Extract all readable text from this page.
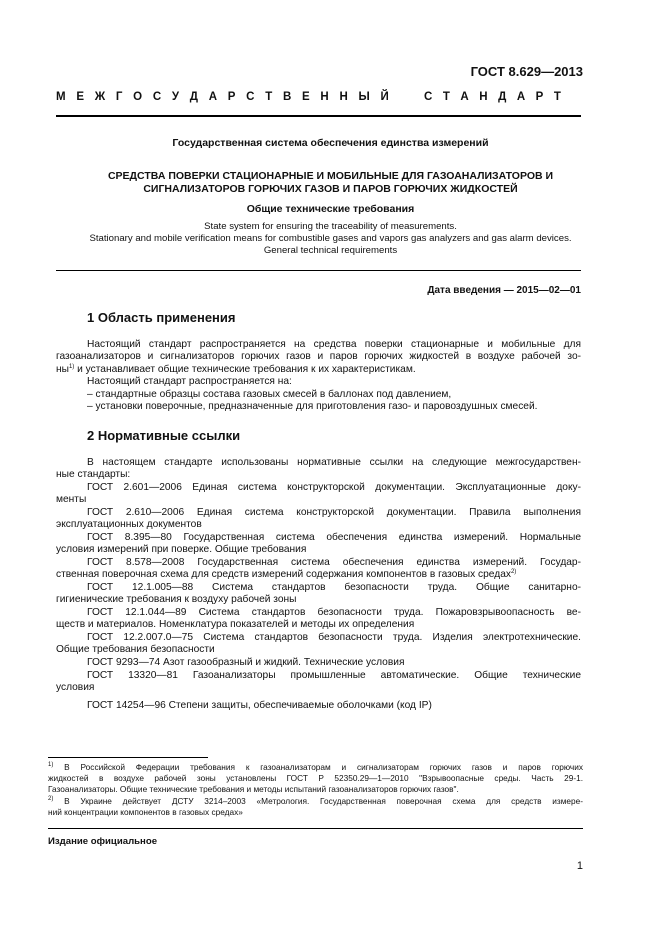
ГОСТ 8.629—2013
М Е Ж Г О С У Д А Р С Т В Е Н Н Ы Й	С Т А Н Д А Р Т
Государственная система обеспечения единства измерений
СРЕДСТВА ПОВЕРКИ СТАЦИОНАРНЫЕ И МОБИЛЬНЫЕ ДЛЯ ГАЗОАНАЛИЗАТОРОВ И
СИГНАЛИЗАТОРОВ ГОРЮЧИХ ГАЗОВ И ПАРОВ ГОРЮЧИХ ЖИДКОСТЕЙ
Общие технические требования
State system for ensuring the traceability of measurements.
Stationary and mobile verification means for combustible gases and vapors gas analyzers and gas alarm devices.
General technical requirements
Дата введения — 2015—02—01
1 Область применения
Настоящий стандарт распространяется на средства поверки стационарные и мобильные для
газоанализаторов и сигнализаторов горючих газов и паров горючих жидкостей в воздухе рабочей зо-
$ны^{1)}$ и устанавливает общие технические требования к их характеристикам.
Настоящий стандарт распространяется на:
– стандартные образцы состава газовых смесей в баллонах под давлением,
– установки поверочные, предназначенные для приготовления газо- и паровоздушных смесей.
2 Нормативные ссылки
В настоящем стандарте использованы нормативные ссылки на следующие межгосударствен-
ные стандарты:
ГОСТ 2.601—2006 Единая система конструкторской документации. Эксплуатационные доку-
менты
ГОСТ 2.610—2006 Единая система конструкторской документации. Правила выполнения
эксплуатационных документов
ГОСТ 8.395—80 Государственная система обеспечения единства измерений. Нормальные
условия измерений при поверке. Общие требования
ГОСТ 8.578—2008 Государственная система обеспечения единства измерений. Государ-
ственная поверочная схема для средств измерений содержания компонентов в газовых средах$^{2)}$
ГОСТ 12.1.005—88 Система стандартов безопасности труда. Общие санитарно-
гигиенические требования к воздуху рабочей зоны
ГОСТ 12.1.044—89 Система стандартов безопасности труда. Пожаровзрывоопасность ве-
ществ и материалов. Номенклатура показателей и методы их определения
ГОСТ 12.2.007.0—75 Система стандартов безопасности труда. Изделия электротехнические.
Общие требования безопасности
ГОСТ 9293—74 Азот газообразный и жидкий. Технические условия
ГОСТ 13320—81 Газоанализаторы промышленные автоматические. Общие технические
условия
ГОСТ 14254—96 Степени защиты, обеспечиваемые оболочками (код IP)
$^{1)}$ В Российской Федерации требования к газоанализаторам и сигнализаторам горючих газов и паров горючих
жидкостей в воздухе рабочей зоны установлены ГОСТ Р 52350.29—1—2010 "Взрывоопасные среды. Часть 29-1.
Газоанализаторы. Общие технические требования и методы испытаний газоанализаторов горючих газов".
$^{2)}$ В Украине действует ДСТУ 3214–2003 «Метрология. Государственная поверочная схема для средств измере-
ний концентрации компонентов в газовых средах»
Издание официальное
1
